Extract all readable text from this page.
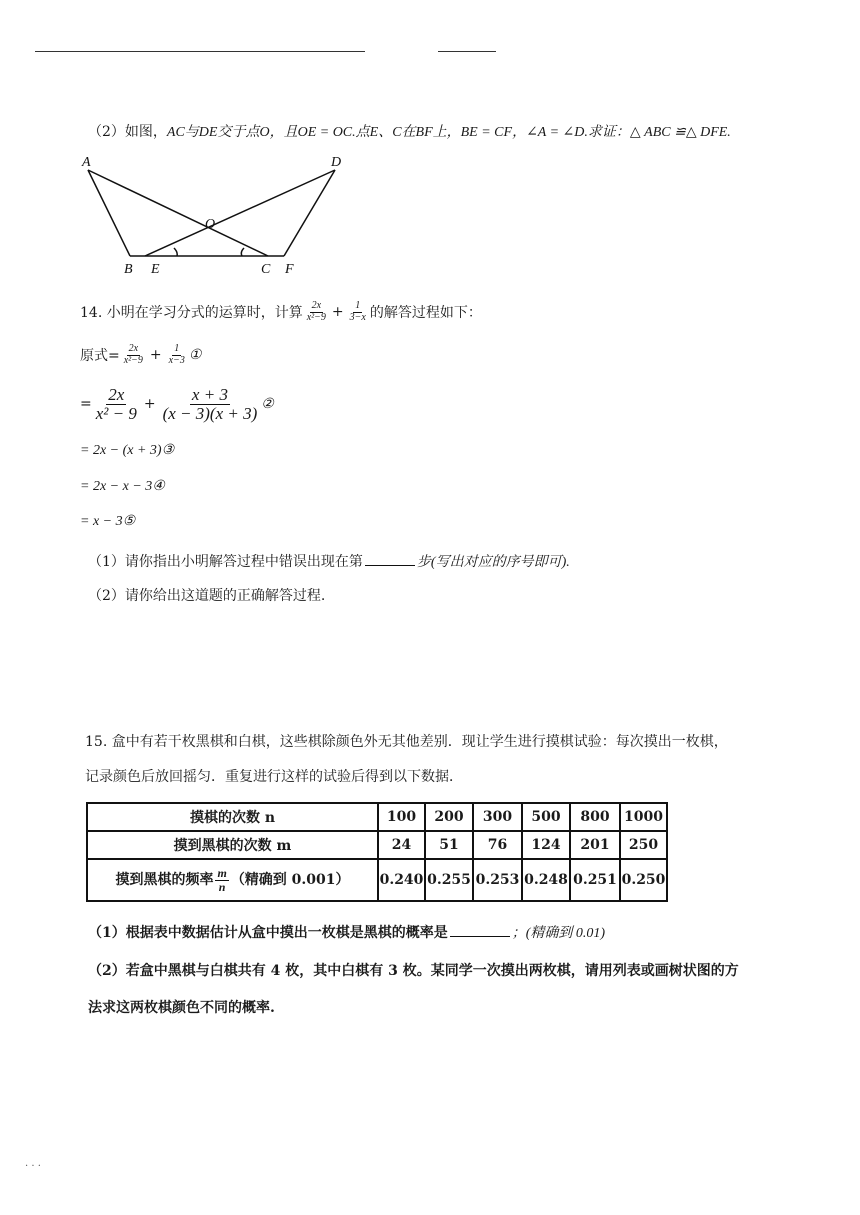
（2）如图，AC与DE交于点O，且OE = OC.点E、C在BF上，BE = CF，∠A = ∠D.求证：△ ABC ≌△ DFE.
A	D
O
B E	C F
14. 小明在学习分式的运算时，计算 $\frac{2x}{\text{x²−9}} + \frac{1}{3-x}$ 的解答过程如下：
原式= $\frac{2x}{\text{x²−9}} + \frac{1}{x-3}$ ①
= $\frac{2x}{\text{x² − 9}} + \frac{x + 3}{(x - 3)(x + 3)}$ ②
= 2x − (x + 3)③
= 2x − x − 3④
= x − 3⑤
（1）请你指出小明解答过程中错误出现在第	步(写出对应的序号即可).
（2）请你给出这道题的正确解答过程.
15. 盒中有若干枚黑棋和白棋，这些棋除颜色外无其他差别．现让学生进行摸棋试验：每次摸出一枚棋，
记录颜色后放回摇匀．重复进行这样的试验后得到以下数据．
摸棋的次数 n	100	200	300	500	800	1000
摸到黑棋的次数 m	24	51	76	124	201	250
摸到黑棋的频率 $\frac{m}{n}$ （精确到 0.001）	0.240	0.255	0.253	0.248	0.251	0.250
（1）根据表中数据估计从盒中摸出一枚棋是黑棋的概率是	；(精确到 0.01)
（2）若盒中黑棋与白棋共有 4 枚，其中白棋有 3 枚。某同学一次摸出两枚棋，请用列表或画树状图的方
法求这两枚棋颜色不同的概率.
. . .
